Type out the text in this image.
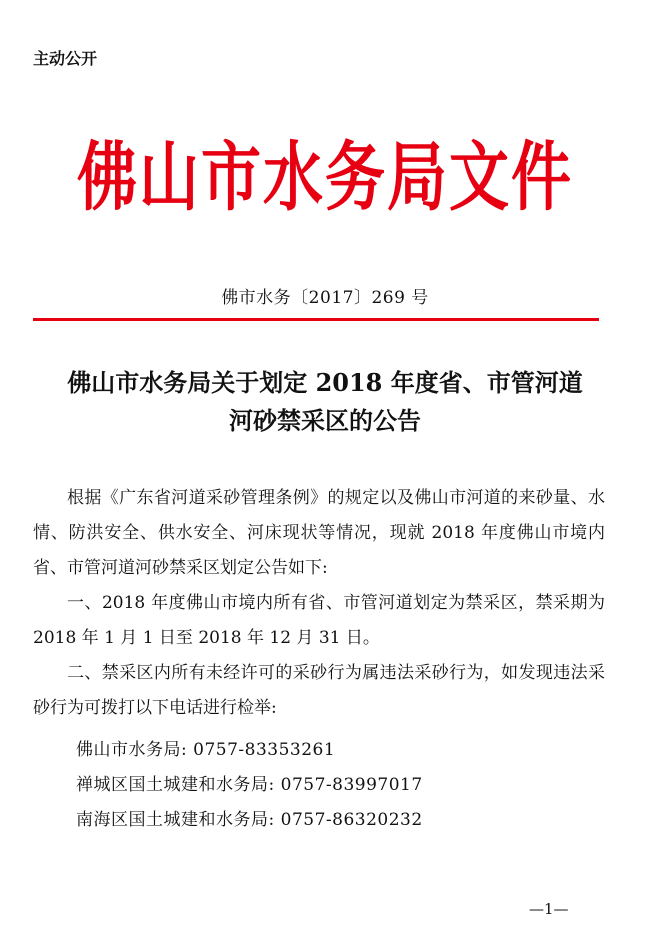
主动公开
佛山市水务局文件
佛市水务〔2017〕269 号
佛山市水务局关于划定 2018 年度省、市管河道
河砂禁采区的公告

根据《广东省河道采砂管理条例》的规定以及佛山市河道的来砂量、水情、防洪安全、供水安全、河床现状等情况，现就 2018 年度佛山市境内省、市管河道河砂禁采区划定公告如下:

一、2018 年度佛山市境内所有省、市管河道划定为禁采区，禁采期为 2018 年 1 月 1 日至 2018 年 12 月 31 日。

二、禁采区内所有未经许可的采砂行为属违法采砂行为，如发现违法采砂行为可拨打以下电话进行检举:

佛山市水务局: 0757-83353261
禅城区国土城建和水务局: 0757-83997017
南海区国土城建和水务局: 0757-86320232
—1—
